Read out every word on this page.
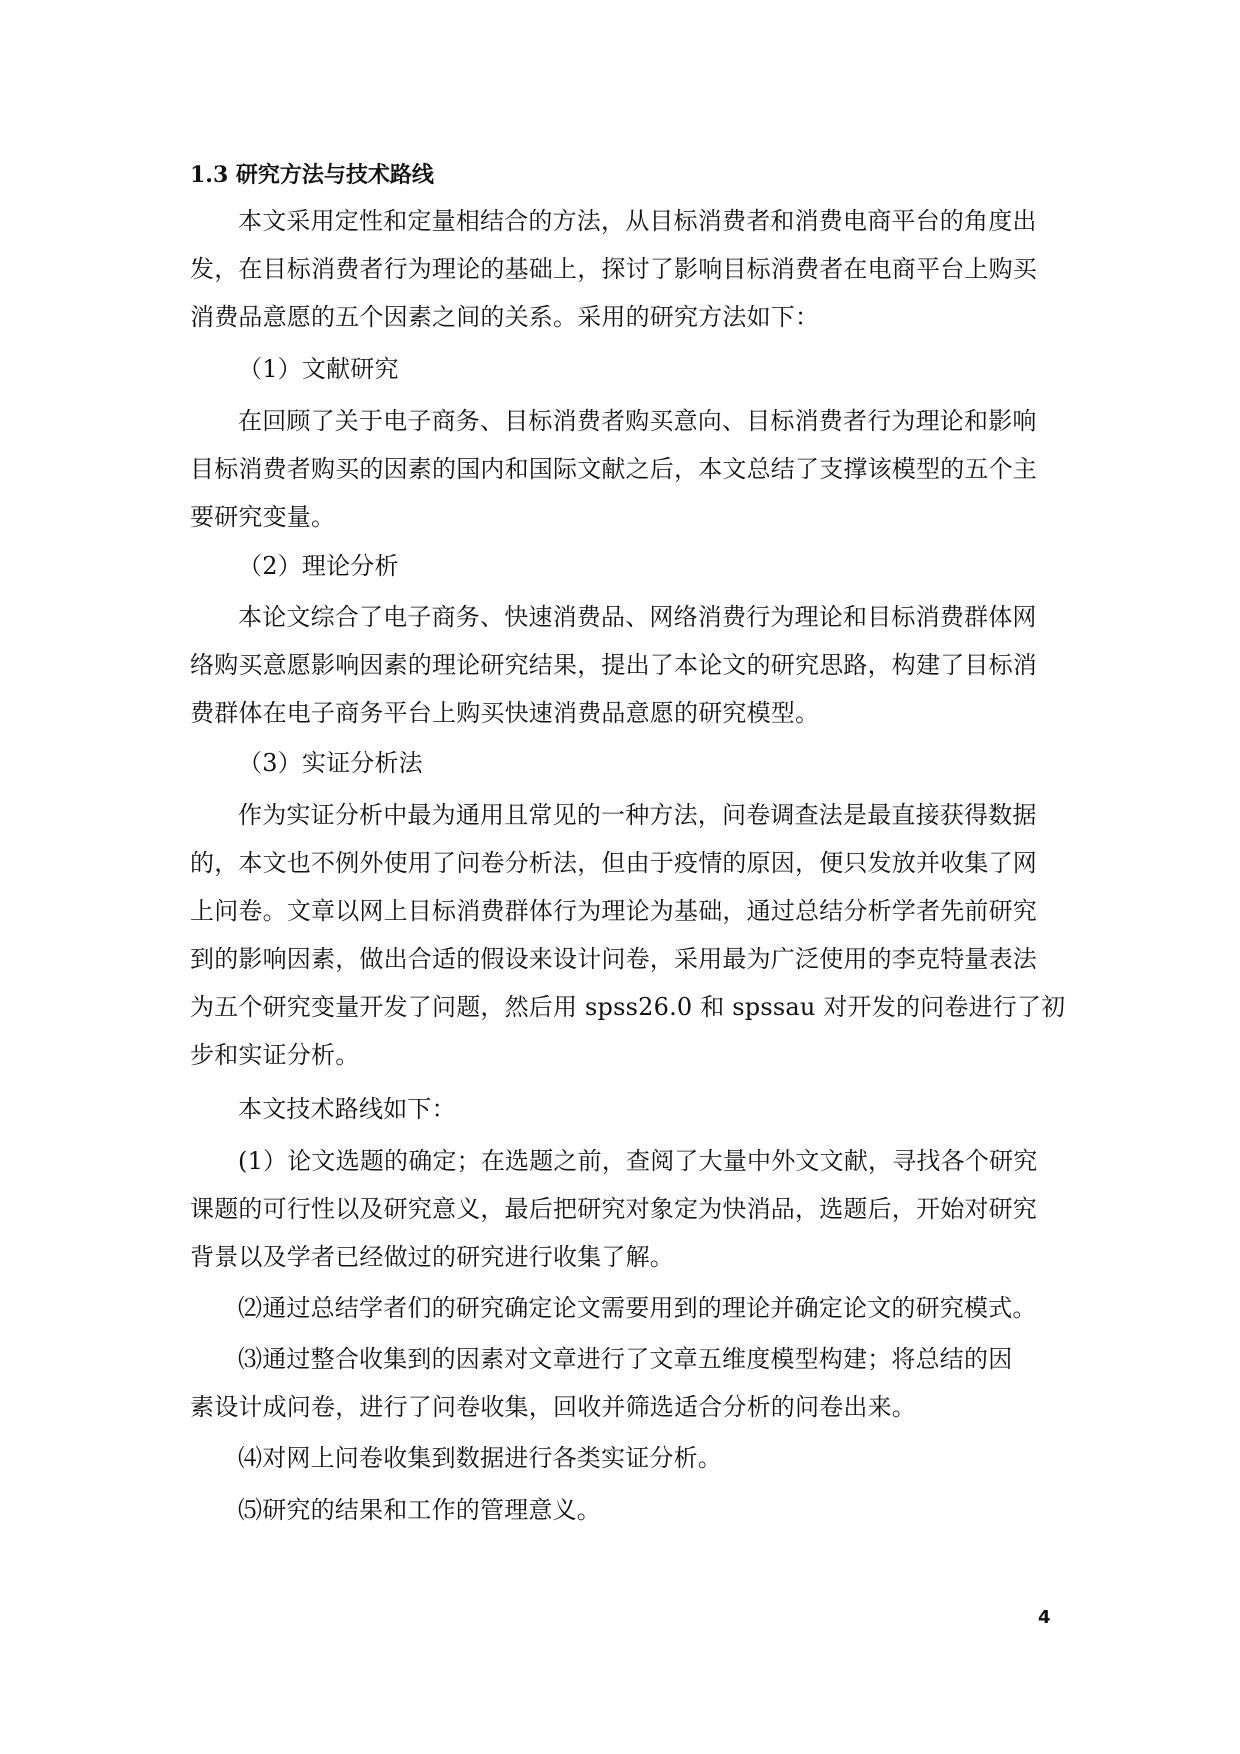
1.3 研究方法与技术路线
本文采用定性和定量相结合的方法，从目标消费者和消费电商平台的角度出
发，在目标消费者行为理论的基础上，探讨了影响目标消费者在电商平台上购买
消费品意愿的五个因素之间的关系。采用的研究方法如下：
（1）文献研究
在回顾了关于电子商务、目标消费者购买意向、目标消费者行为理论和影响
目标消费者购买的因素的国内和国际文献之后，本文总结了支撑该模型的五个主
要研究变量。
（2）理论分析
本论文综合了电子商务、快速消费品、网络消费行为理论和目标消费群体网
络购买意愿影响因素的理论研究结果，提出了本论文的研究思路，构建了目标消
费群体在电子商务平台上购买快速消费品意愿的研究模型。
（3）实证分析法
作为实证分析中最为通用且常见的一种方法，问卷调查法是最直接获得数据
的，本文也不例外使用了问卷分析法，但由于疫情的原因，便只发放并收集了网
上问卷。文章以网上目标消费群体行为理论为基础，通过总结分析学者先前研究
到的影响因素，做出合适的假设来设计问卷，采用最为广泛使用的李克特量表法
为五个研究变量开发了问题，然后用 spss26.0 和 spssau 对开发的问卷进行了初
步和实证分析。
本文技术路线如下：
(1）论文选题的确定；在选题之前，查阅了大量中外文文献，寻找各个研究
课题的可行性以及研究意义，最后把研究对象定为快消品，选题后，开始对研究
背景以及学者已经做过的研究进行收集了解。
⑵通过总结学者们的研究确定论文需要用到的理论并确定论文的研究模式。
⑶通过整合收集到的因素对文章进行了文章五维度模型构建；将总结的因
素设计成问卷，进行了问卷收集，回收并筛选适合分析的问卷出来。
⑷对网上问卷收集到数据进行各类实证分析。
⑸研究的结果和工作的管理意义。
4
